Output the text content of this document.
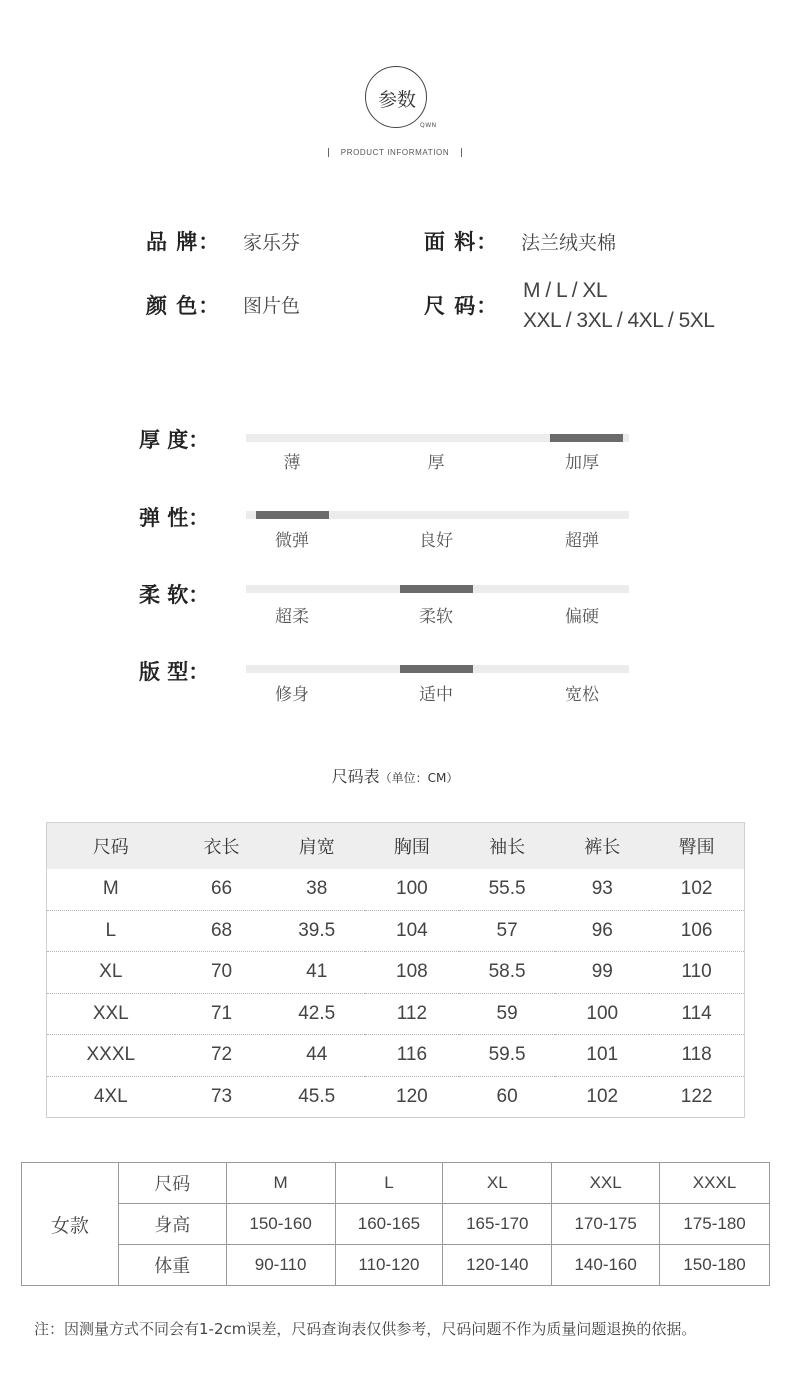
参数
QWN
PRODUCT INFORMATION
品 牌： 家乐芬	面 料： 法兰绒夹棉
颜 色： 图片色	尺 码：
M / L / XL
XXL / 3XL / 4XL / 5XL
厚 度：
薄	厚	加厚
弹 性：
微弹	良好	超弹
柔 软：
超柔	柔软	偏硬
版 型：
修身	适中	宽松
尺码表（单位：CM）
尺码	衣长	肩宽	胸围	袖长	裤长	臀围
M	66	38	100	55.5	93	102
L	68	39.5	104	57	96	106
XL	70	41	108	58.5	99	110
XXL	71	42.5	112	59	100	114
XXXL	72	44	116	59.5	101	118
4XL	73	45.5	120	60	102	122
女款	尺码	M	L	XL	XXL	XXXL
	身高	150-160	160-165	165-170	170-175	175-180
	体重	90-110	110-120	120-140	140-160	150-180
注：因测量方式不同会有1-2cm误差，尺码查询表仅供参考，尺码问题不作为质量问题退换的依据。
